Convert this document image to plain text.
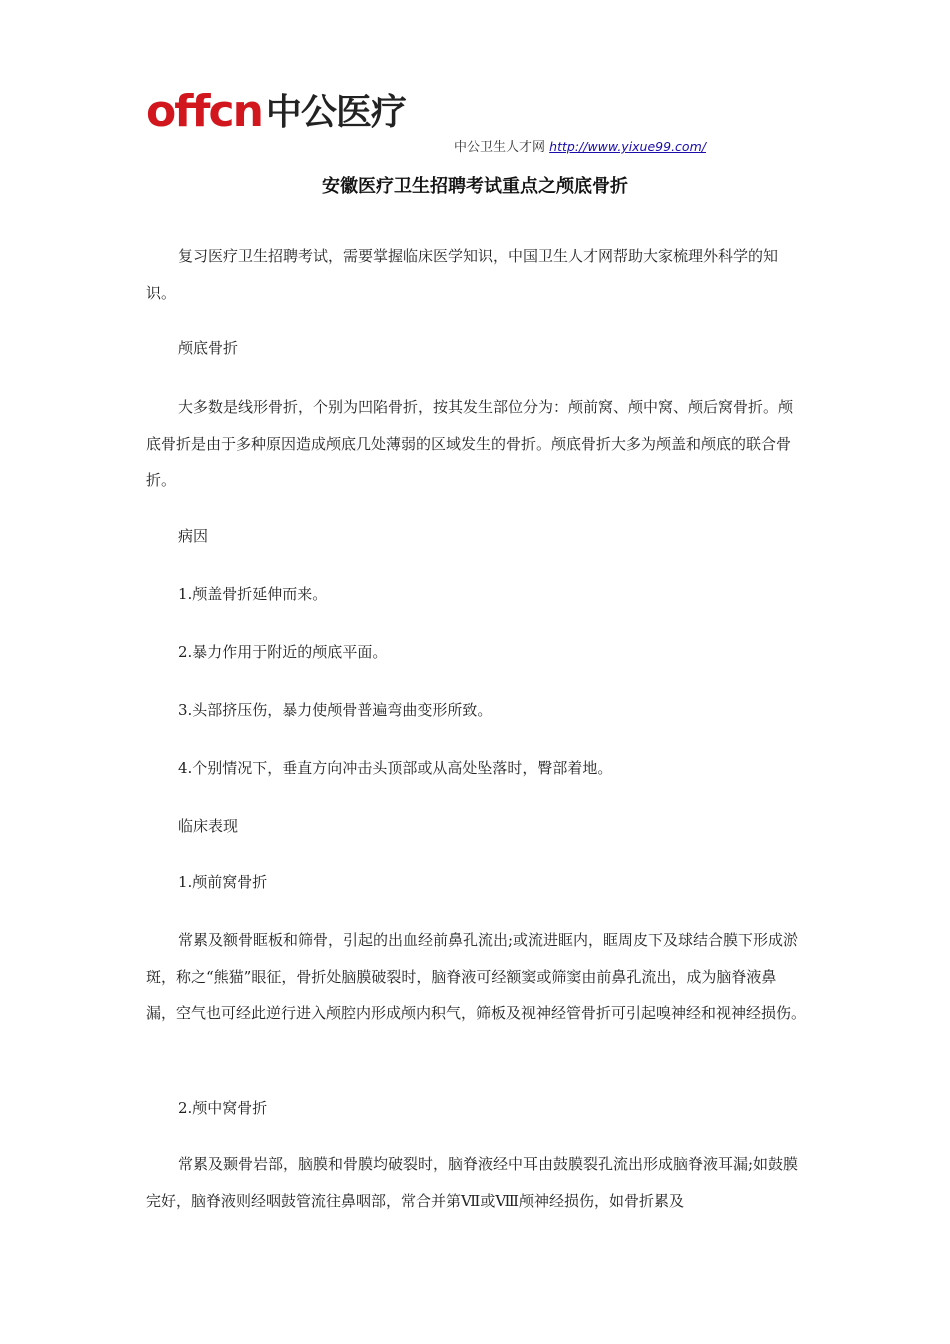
offcn 中公医疗
中公卫生人才网 http://www.yixue99.com/
安徽医疗卫生招聘考试重点之颅底骨折
复习医疗卫生招聘考试，需要掌握临床医学知识，中国卫生人才网帮助大家梳理外科学的知识。
颅底骨折
大多数是线形骨折，个别为凹陷骨折，按其发生部位分为：颅前窝、颅中窝、颅后窝骨折。颅底骨折是由于多种原因造成颅底几处薄弱的区域发生的骨折。颅底骨折大多为颅盖和颅底的联合骨折。
病因
1.颅盖骨折延伸而来。
2.暴力作用于附近的颅底平面。
3.头部挤压伤，暴力使颅骨普遍弯曲变形所致。
4.个别情况下，垂直方向冲击头顶部或从高处坠落时，臀部着地。
临床表现
1.颅前窝骨折
常累及额骨眶板和筛骨，引起的出血经前鼻孔流出;或流进眶内，眶周皮下及球结合膜下形成淤斑，称之“熊猫”眼征，骨折处脑膜破裂时，脑脊液可经额窦或筛窦由前鼻孔流出，成为脑脊液鼻漏，空气也可经此逆行进入颅腔内形成颅内积气，筛板及视神经管骨折可引起嗅神经和视神经损伤。
2.颅中窝骨折
常累及颞骨岩部，脑膜和骨膜均破裂时，脑脊液经中耳由鼓膜裂孔流出形成脑脊液耳漏;如鼓膜完好，脑脊液则经咽鼓管流往鼻咽部，常合并第Ⅶ或Ⅷ颅神经损伤，如骨折累及
